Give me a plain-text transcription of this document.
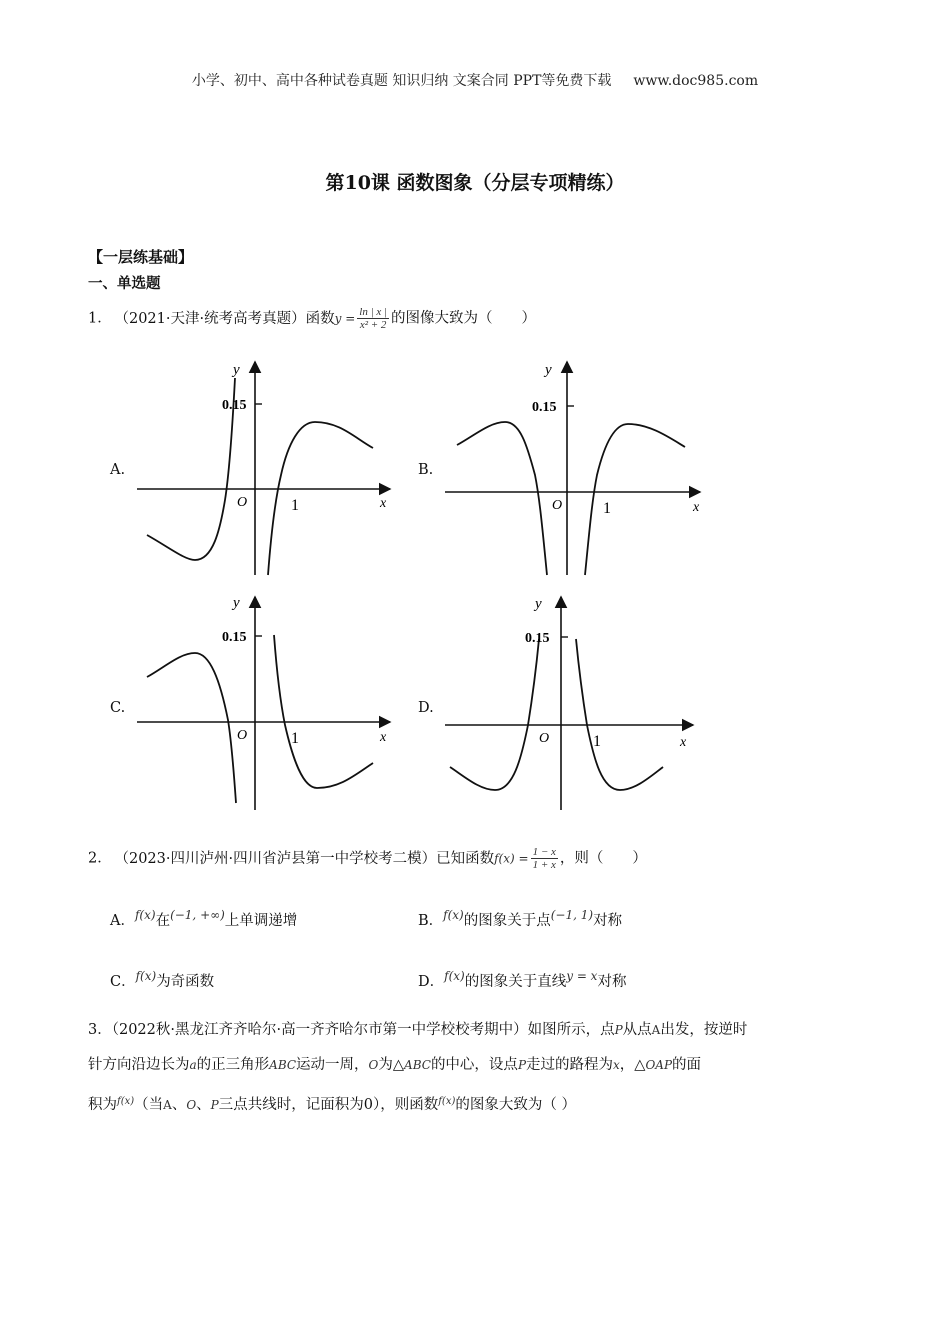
小学、初中、高中各种试卷真题 知识归纳 文案合同 PPT等免费下载 www.doc985.com
第10课 函数图象（分层专项精练）
【一层练基础】
一、单选题
1． （2021·天津·统考高考真题）函数$y = \frac{\ln | x |}{\text{x² + 2}}$ 的图像大致为（　　）
A.
y
0.15
O	1	x
B.
y
0.15
O	1	x
C.
y
0.15
O	1	x
D.
y
0.15
O	1	x
2． （2023·四川泸州·四川省泸县第一中学校考二模）已知函数$f(x) = \frac{1 - x}{1 + x}$ ，则（　　）
A．$^{f(x)}$在$^{(-1, +\infty)}$上单调递增	B．$^{f(x)}$的图象关于点$^{(-1, 1)}$对称
C．$^{f(x)}$为奇函数	D．$^{f(x)}$的图象关于直线$^{y = x}$对称
3．（2022秋·黑龙江齐齐哈尔·高一齐齐哈尔市第一中学校校考期中）如图所示，点P从点A出发，按逆时
针方向沿边长为a的正三角形ABC运动一周，O为△ABC的中心，设点P走过的路程为x，△OAP的面
积为$^{f(x)}$（当A、O、P三点共线时，记面积为0），则函数$^{f(x)}$的图象大致为（ ）
